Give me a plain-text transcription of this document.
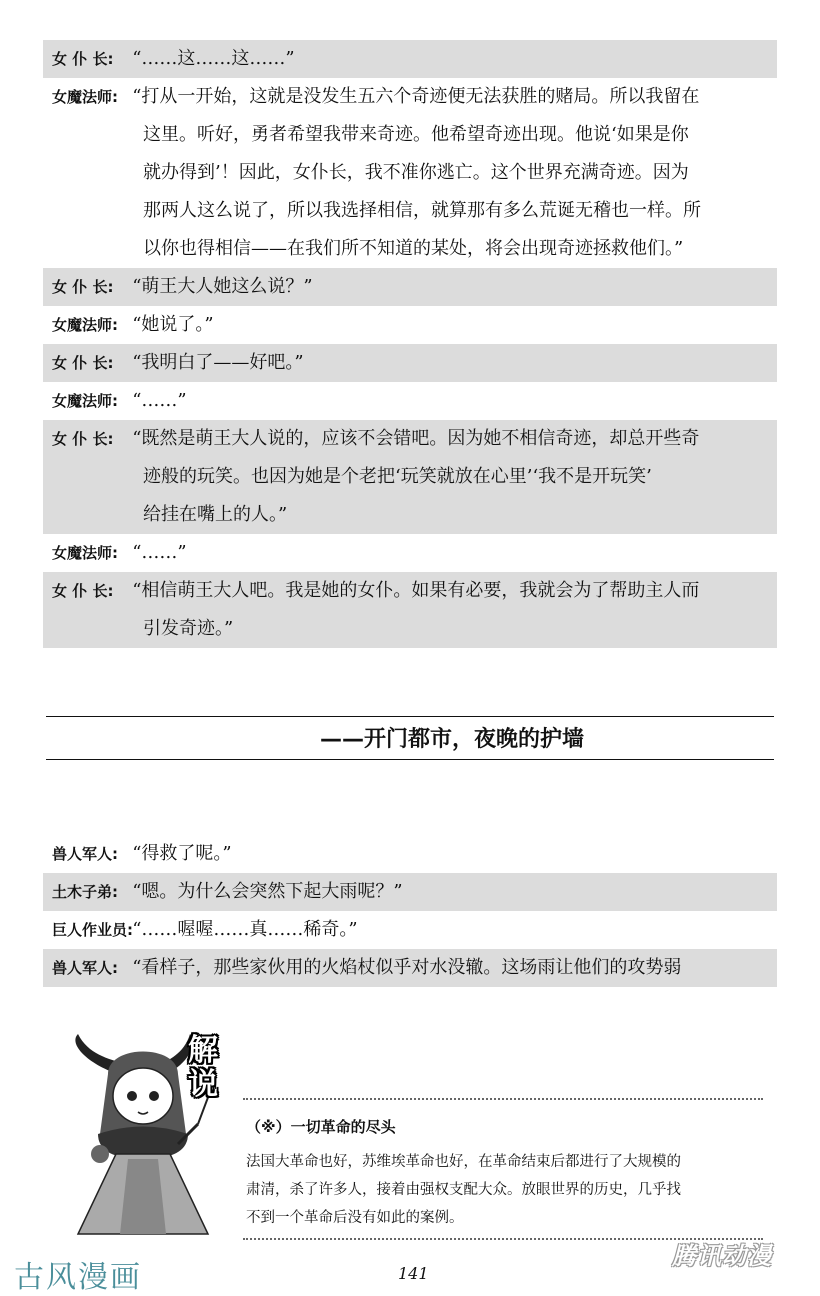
女 仆 长: “……这……这……”
女魔法师: “打从一开始，这就是没发生五六个奇迹便无法获胜的赌局。所以我留在
这里。听好，勇者希望我带来奇迹。他希望奇迹出现。他说‘如果是你
就办得到’！因此，女仆长，我不准你逃亡。这个世界充满奇迹。因为
那两人这么说了，所以我选择相信，就算那有多么荒诞无稽也一样。所
以你也得相信——在我们所不知道的某处，将会出现奇迹拯救他们。”
女 仆 长: “萌王大人她这么说？”
女魔法师: “她说了。”
女 仆 长: “我明白了——好吧。”
女魔法师: “……”
女 仆 长: “既然是萌王大人说的，应该不会错吧。因为她不相信奇迹，却总开些奇
迹般的玩笑。也因为她是个老把‘玩笑就放在心里’‘我不是开玩笑’
给挂在嘴上的人。”
女魔法师: “……”
女 仆 长: “相信萌王大人吧。我是她的女仆。如果有必要，我就会为了帮助主人而
引发奇迹。”
——开门都市，夜晚的护墙
兽人军人: “得救了呢。”
土木子弟: “嗯。为什么会突然下起大雨呢？”
巨人作业员: “……喔喔……真……稀奇。”
兽人军人: “看样子，那些家伙用的火焰杖似乎对水没辙。这场雨让他们的攻势弱
解说
（※）一切革命的尽头
法国大革命也好，苏维埃革命也好，在革命结束后都进行了大规模的
肃清，杀了许多人，接着由强权支配大众。放眼世界的历史，几乎找
不到一个革命后没有如此的案例。
古风漫画	141
腾讯动漫
